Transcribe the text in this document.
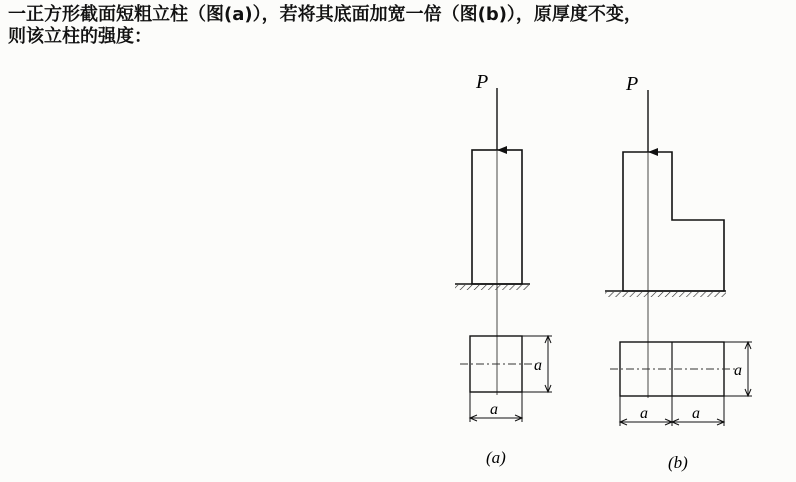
一正方形截面短粗立柱（图(a)），若将其底面加宽一倍（图(b)），原厚度不变，
则该立柱的强度：
P
a
a
(a)
P
a
a	a
(b)
